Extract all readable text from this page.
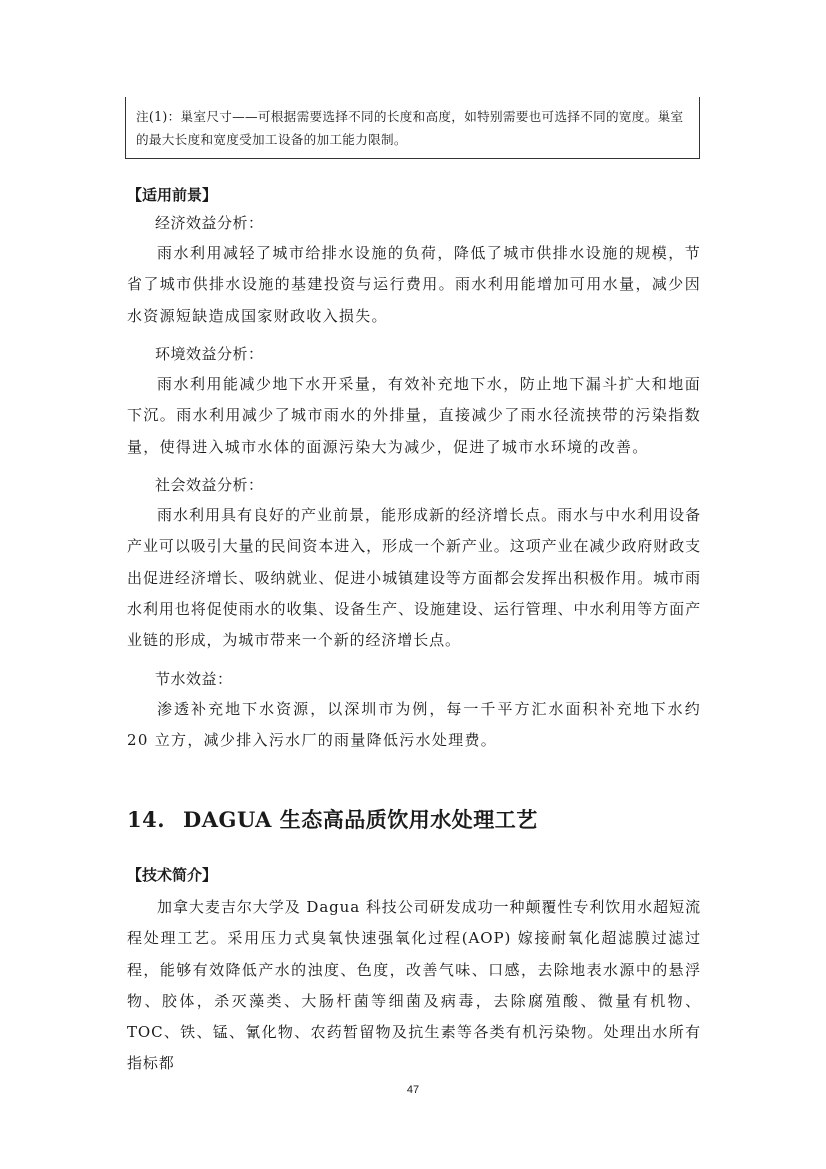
注(1)：巢室尺寸——可根据需要选择不同的长度和高度，如特别需要也可选择不同的宽度。巢室的最大长度和宽度受加工设备的加工能力限制。

【适用前景】

经济效益分析：

雨水利用减轻了城市给排水设施的负荷，降低了城市供排水设施的规模，节省了城市供排水设施的基建投资与运行费用。雨水利用能增加可用水量，减少因水资源短缺造成国家财政收入损失。

环境效益分析：

雨水利用能减少地下水开采量，有效补充地下水，防止地下漏斗扩大和地面下沉。雨水利用减少了城市雨水的外排量，直接减少了雨水径流挟带的污染指数量，使得进入城市水体的面源污染大为减少，促进了城市水环境的改善。

社会效益分析：

雨水利用具有良好的产业前景，能形成新的经济增长点。雨水与中水利用设备产业可以吸引大量的民间资本进入，形成一个新产业。这项产业在减少政府财政支出促进经济增长、吸纳就业、促进小城镇建设等方面都会发挥出积极作用。城市雨水利用也将促使雨水的收集、设备生产、设施建设、运行管理、中水利用等方面产业链的形成，为城市带来一个新的经济增长点。

节水效益：

渗透补充地下水资源，以深圳市为例，每一千平方汇水面积补充地下水约 20 立方，减少排入污水厂的雨量降低污水处理费。

14. DAGUA 生态高品质饮用水处理工艺

【技术简介】

加拿大麦吉尔大学及 Dagua 科技公司研发成功一种颠覆性专利饮用水超短流程处理工艺。采用压力式臭氧快速强氧化过程(AOP) 嫁接耐氧化超滤膜过滤过程，能够有效降低产水的浊度、色度，改善气味、口感，去除地表水源中的悬浮物、胶体，杀灭藻类、大肠杆菌等细菌及病毒，去除腐殖酸、微量有机物、TOC、铁、锰、氰化物、农药暂留物及抗生素等各类有机污染物。处理出水所有指标都

47
